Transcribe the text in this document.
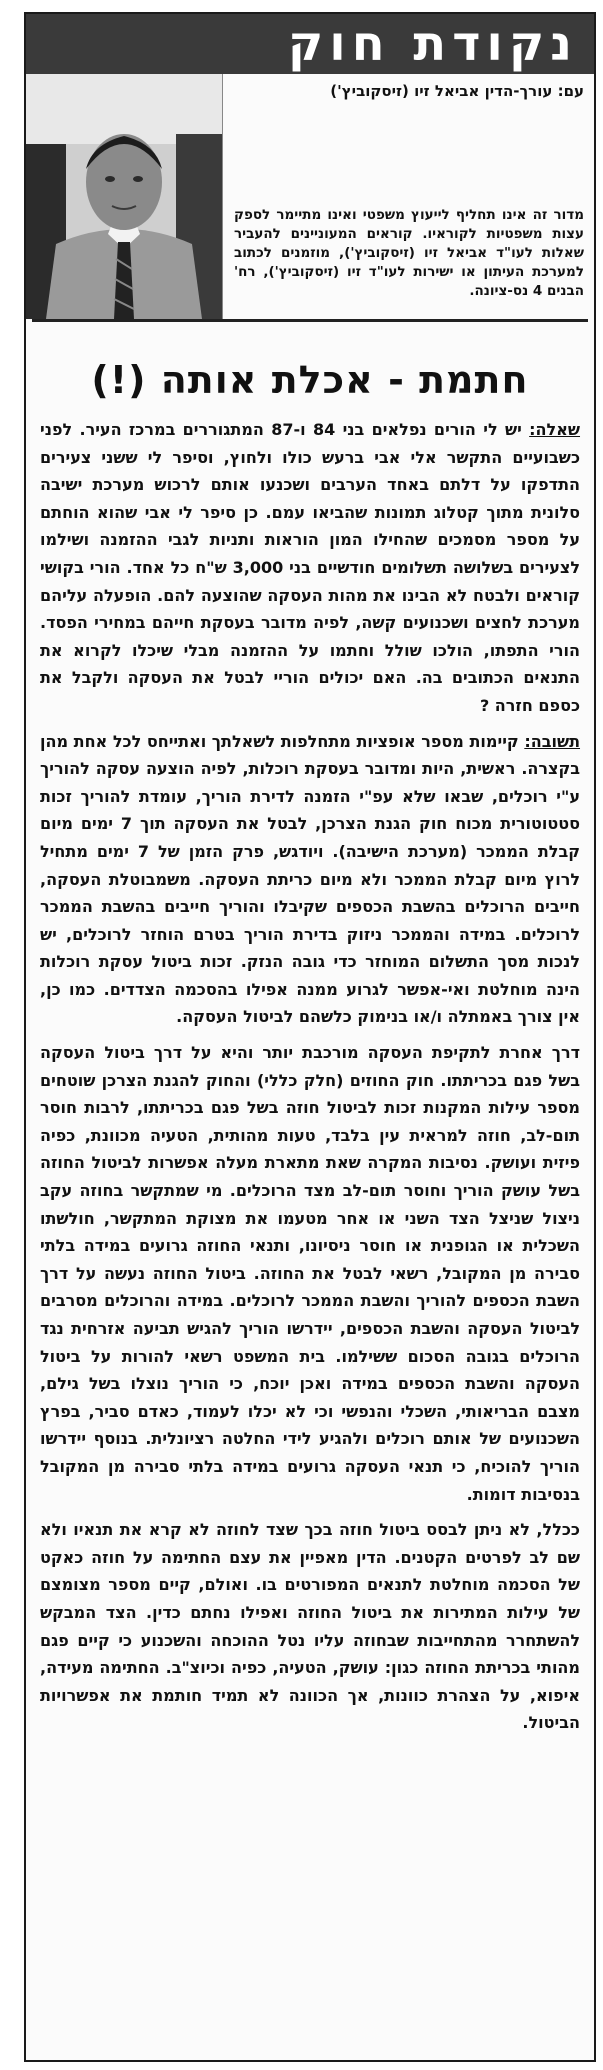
נקודת חוק
עם: עורך-הדין אביאל זיו (זיסקוביץ')
מדור זה אינו תחליף לייעוץ משפטי ואינו מתיימר לספק עצות משפטיות לקוראיו. קוראים המעוניינים להעביר שאלות לעו"ד אביאל זיו (זיסקוביץ'), מוזמנים לכתוב למערכת העיתון או ישירות לעו"ד זיו (זיסקוביץ'), רח' הבנים 4 נס-ציונה.
חתמת - אכלת אותה (!)

שאלה: יש לי הורים נפלאים בני 84 ו-87 המתגוררים במרכז העיר. לפני כשבועיים התקשר אלי אבי ברעש כולו ולחוץ, וסיפר לי ששני צעירים התדפקו על דלתם באחד הערבים ושכנעו אותם לרכוש מערכת ישיבה סלונית מתוך קטלוג תמונות שהביאו עמם. כן סיפר לי אבי שהוא הוחתם על מספר מסמכים שהחילו המון הוראות ותניות לגבי ההזמנה ושילמו לצעירים בשלושה תשלומים חודשיים בני 3,000 ש"ח כל אחד. הורי בקושי קוראים ולבטח לא הבינו את מהות העסקה שהוצעה להם. הופעלה עליהם מערכת לחצים ושכנועים קשה, לפיה מדובר בעסקת חייהם במחירי הפסד. הורי התפתו, הולכו שולל וחתמו על ההזמנה מבלי שיכלו לקרוא את התנאים הכתובים בה. האם יכולים הוריי לבטל את העסקה ולקבל את כספם חזרה ?

תשובה: קיימות מספר אופציות מתחלפות לשאלתך ואתייחס לכל אחת מהן בקצרה. ראשית, היות ומדובר בעסקת רוכלות, לפיה הוצעה עסקה להוריך ע"י רוכלים, שבאו שלא עפ"י הזמנה לדירת הוריך, עומדת להוריך זכות סטטוטורית מכוח חוק הגנת הצרכן, לבטל את העסקה תוך 7 ימים מיום קבלת הממכר (מערכת הישיבה). ויודגש, פרק הזמן של 7 ימים מתחיל לרוץ מיום קבלת הממכר ולא מיום כריתת העסקה. משמבוטלת העסקה, חייבים הרוכלים בהשבת הכספים שקיבלו והוריך חייבים בהשבת הממכר לרוכלים. במידה והממכר ניזוק בדירת הוריך בטרם הוחזר לרוכלים, יש לנכות מסך התשלום המוחזר כדי גובה הנזק. זכות ביטול עסקת רוכלות הינה מוחלטת ואי-אפשר לגרוע ממנה אפילו בהסכמה הצדדים. כמו כן, אין צורך באמתלה ו/או בנימוק כלשהם לביטול העסקה.

דרך אחרת לתקיפת העסקה מורכבת יותר והיא על דרך ביטול העסקה בשל פגם בכריתתו. חוק החוזים (חלק כללי) והחוק להגנת הצרכן שוטחים מספר עילות המקנות זכות לביטול חוזה בשל פגם בכריתתו, לרבות חוסר תום-לב, חוזה למראית עין בלבד, טעות מהותית, הטעיה מכוונת, כפיה פיזית ועושק. נסיבות המקרה שאת מתארת מעלה אפשרות לביטול החוזה בשל עושק הוריך וחוסר תום-לב מצד הרוכלים. מי שמתקשר בחוזה עקב ניצול שניצל הצד השני או אחר מטעמו את מצוקת המתקשר, חולשתו השכלית או הגופנית או חוסר ניסיונו, ותנאי החוזה גרועים במידה בלתי סבירה מן המקובל, רשאי לבטל את החוזה. ביטול החוזה נעשה על דרך השבת הכספים להוריך והשבת הממכר לרוכלים. במידה והרוכלים מסרבים לביטול העסקה והשבת הכספים, יידרשו הוריך להגיש תביעה אזרחית נגד הרוכלים בגובה הסכום ששילמו. בית המשפט רשאי להורות על ביטול העסקה והשבת הכספים במידה ואכן יוכח, כי הוריך נוצלו בשל גילם, מצבם הבריאותי, השכלי והנפשי וכי לא יכלו לעמוד, כאדם סביר, בפרץ השכנועים של אותם רוכלים ולהגיע לידי החלטה רציונלית. בנוסף יידרשו הוריך להוכיח, כי תנאי העסקה גרועים במידה בלתי סבירה מן המקובל בנסיבות דומות.

ככלל, לא ניתן לבסס ביטול חוזה בכך שצד לחוזה לא קרא את תנאיו ולא שם לב לפרטים הקטנים. הדין מאפיין את עצם החתימה על חוזה כאקט של הסכמה מוחלטת לתנאים המפורטים בו. ואולם, קיים מספר מצומצם של עילות המתירות את ביטול החוזה ואפילו נחתם כדין. הצד המבקש להשתחרר מהתחייבות שבחוזה עליו נטל ההוכחה והשכנוע כי קיים פגם מהותי בכריתת החוזה כגון: עושק, הטעיה, כפיה וכיוצ"ב. החתימה מעידה, איפוא, על הצהרת כוונות, אך הכוונה לא תמיד חותמת את אפשרויות הביטול.
